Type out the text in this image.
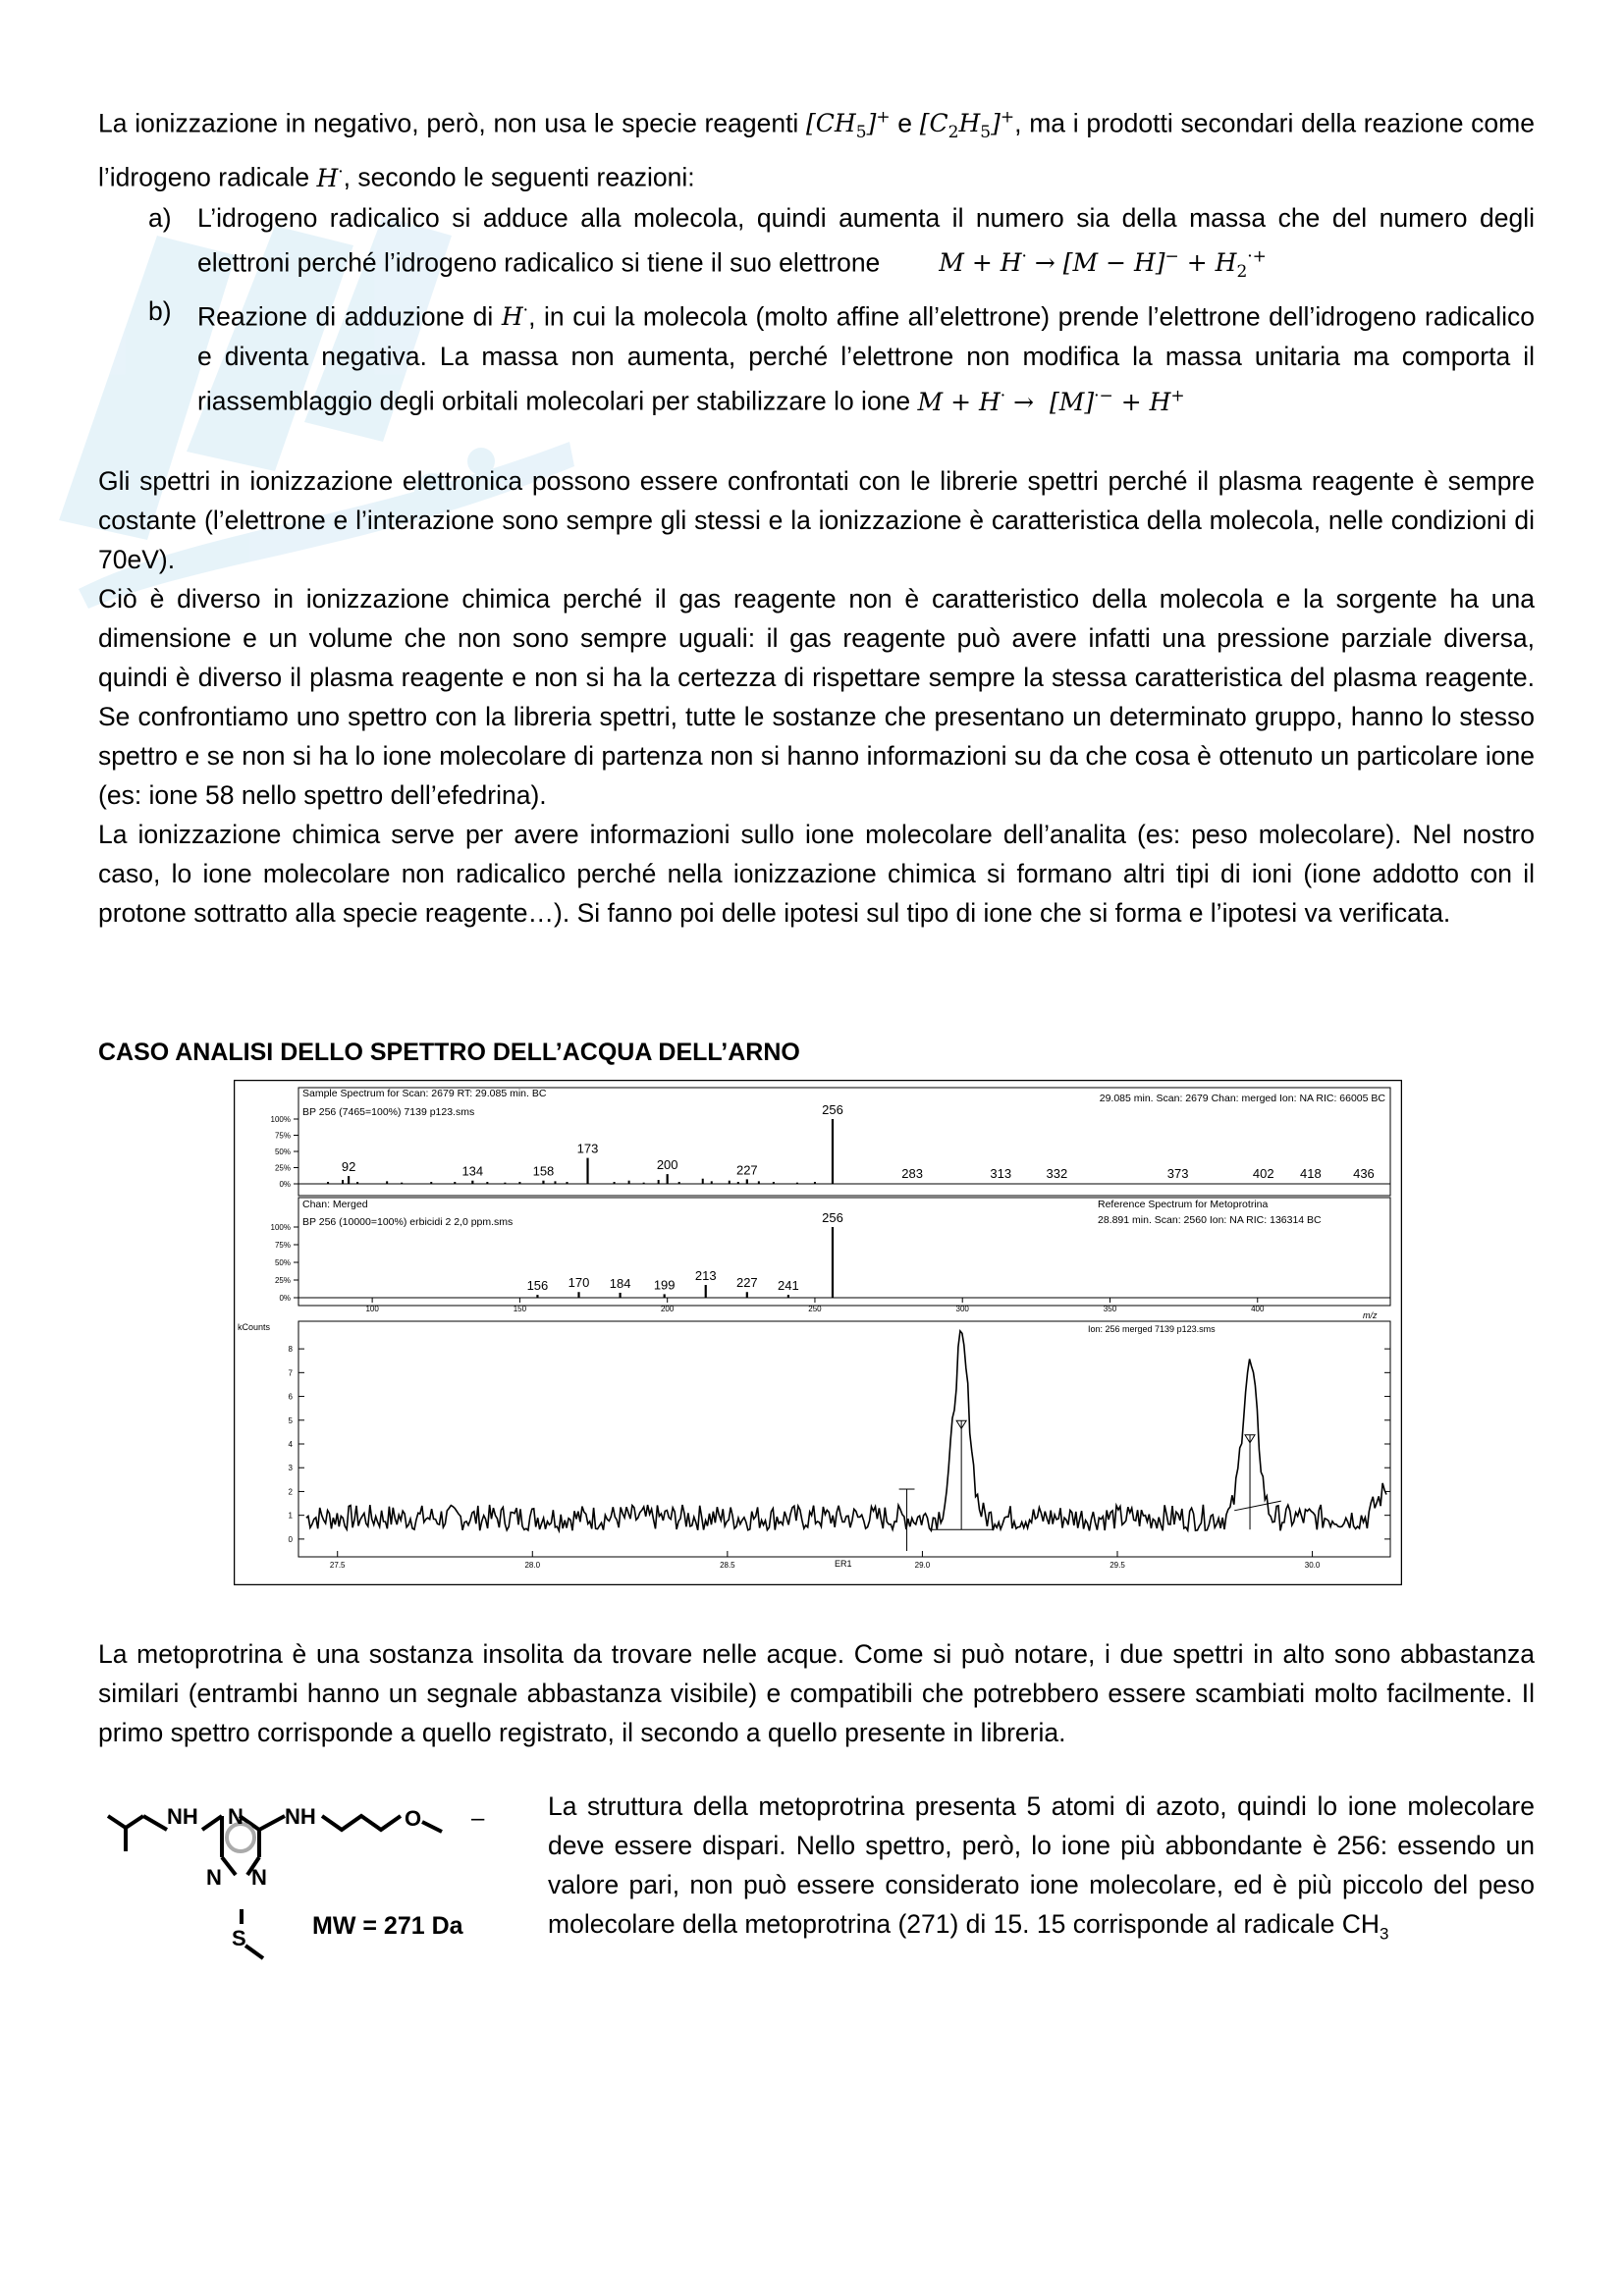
La ionizzazione in negativo, però, non usa le specie reagenti $[CH_5]^+$ e $[C_2H_5]^+$, ma i prodotti secondari della reazione come l’idrogeno radicale H·, secondo le seguenti reazioni:

a) L’idrogeno radicalico si adduce alla molecola, quindi aumenta il numero sia della massa che del numero degli elettroni perché l’idrogeno radicalico si tiene il suo elettrone $M + H^\cdot \to [M - H]^- + H_2^{\cdot+}$
b) Reazione di adduzione di H·, in cui la molecola (molto affine all’elettrone) prende l’elettrone dell’idrogeno radicalico e diventa negativa. La massa non aumenta, perché l’elettrone non modifica la massa unitaria ma comporta il riassemblaggio degli orbitali molecolari per stabilizzare lo ione M + H· →  [M]·− + H+

Gli spettri in ionizzazione elettronica possono essere confrontati con le librerie spettri perché il plasma reagente è sempre costante (l’elettrone e l’interazione sono sempre gli stessi e la ionizzazione è caratteristica della molecola, nelle condizioni di 70eV).

Ciò è diverso in ionizzazione chimica perché il gas reagente non è caratteristico della molecola e la sorgente ha una dimensione e un volume che non sono sempre uguali: il gas reagente può avere infatti una pressione parziale diversa, quindi è diverso il plasma reagente e non si ha la certezza di rispettare sempre la stessa caratteristica del plasma reagente. Se confrontiamo uno spettro con la libreria spettri, tutte le sostanze che presentano un determinato gruppo, hanno lo stesso spettro e se non si ha lo ione molecolare di partenza non si hanno informazioni su da che cosa è ottenuto un particolare ione (es: ione 58 nello spettro dell’efedrina).

La ionizzazione chimica serve per avere informazioni sullo ione molecolare dell’analita (es: peso molecolare). Nel nostro caso, lo ione molecolare non radicalico perché nella ionizzazione chimica si formano altri tipi di ioni (ione addotto con il protone sottratto alla specie reagente…). Si fanno poi delle ipotesi sul tipo di ione che si forma e l’ipotesi va verificata.

CASO ANALISI DELLO SPETTRO DELL’ACQUA DELL’ARNO
Sample Spectrum for Scan: 2679 RT: 29.085 min. BC
BP 256 (7465=100%) 7139 p123.sms
29.085 min. Scan: 2679 Chan: merged Ion: NA RIC: 66005 BC
Chan: Merged
BP 256 (10000=100%) erbicidi 2 2,0 ppm.sms
Reference Spectrum for Metoprotrina
28.891 min. Scan: 2560 Ion: NA RIC: 136314 BC
kCounts	Ion: 256 merged 7139 p123.sms
m/z
ER1
100%
75%
50%
25%
0%
92	134	158
173
200	227
256
283	313	332	373	402 418 436
100%
75%
50%
25%
0%
100	150	200	250	300	350	400
156 170 184 199
213 227 241
256
0
1
2
3
4
5
6
7
8
27.5	28.0	28.5	29.0	29.5	30.0

La metoprotrina è una sostanza insolita da trovare nelle acque. Come si può notare, i due spettri in alto sono abbastanza similari (entrambi hanno un segnale abbastanza visibile) e compatibili che potrebbero essere scambiati molto facilmente. Il primo spettro corrisponde a quello registrato, il secondo a quello presente in libreria.

NH N NH
N N
O
S
–
MW = 271 Da

La struttura della metoprotrina presenta 5 atomi di azoto, quindi lo ione molecolare deve essere dispari. Nello spettro, però, lo ione più abbondante è 256: essendo un valore pari, non può essere considerato ione molecolare, ed è più piccolo del peso molecolare della metoprotrina (271) di 15. 15 corrisponde al radicale $CH_3$
